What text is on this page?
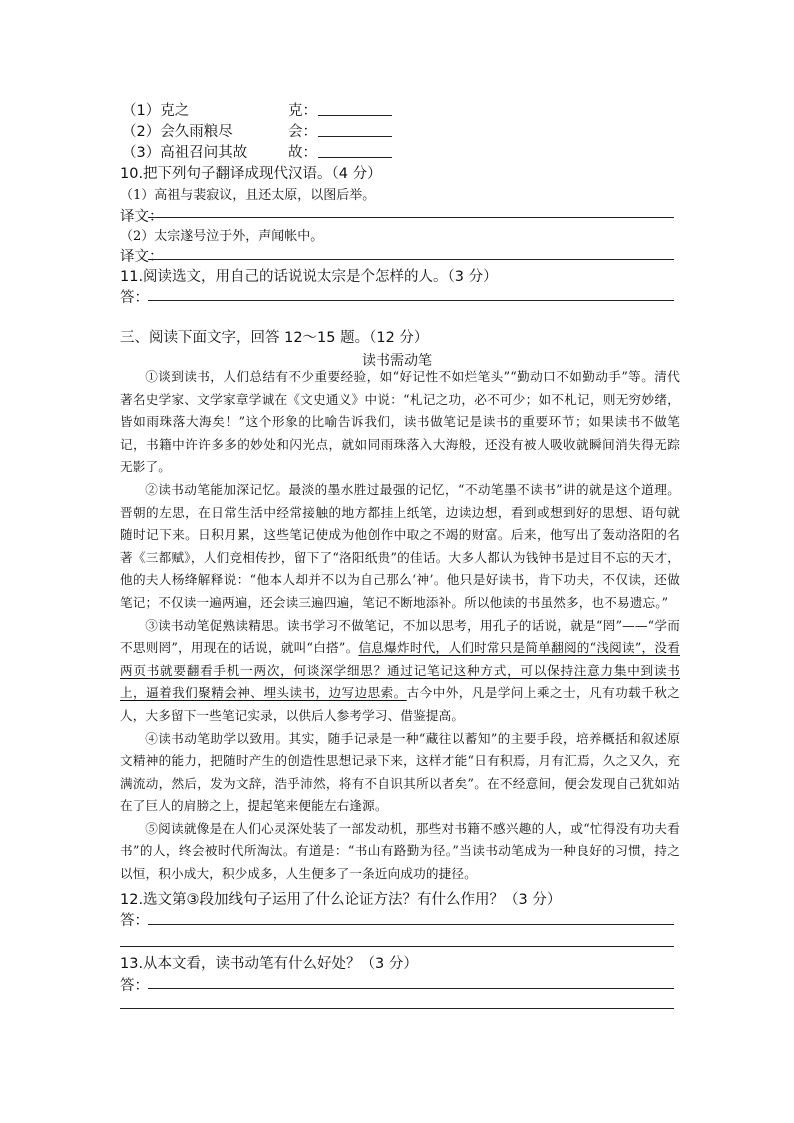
（1）克之	克：
（2）会久雨粮尽	会：
（3）高祖召问其故	故：
10.把下列句子翻译成现代汉语。（4 分）
（1）高祖与裴寂议，且还太原，以图后举。
译文：
（2）太宗遂号泣于外，声闻帐中。
译文：
11.阅读选文，用自己的话说说太宗是个怎样的人。（3 分）
答：
三、阅读下面文字，回答 12～15 题。（12 分）
读书需动笔

①谈到读书，人们总结有不少重要经验，如“好记性不如烂笔头”“勤动口不如勤动手”等。清代著名史学家、文学家章学诚在《文史通义》中说：“札记之功，必不可少；如不札记，则无穷妙绪，皆如雨珠落大海矣！”这个形象的比喻告诉我们，读书做笔记是读书的重要环节；如果读书不做笔记，书籍中许许多多的妙处和闪光点，就如同雨珠落入大海般，还没有被人吸收就瞬间消失得无踪无影了。

②读书动笔能加深记忆。最淡的墨水胜过最强的记忆，“不动笔墨不读书”讲的就是这个道理。晋朝的左思，在日常生活中经常接触的地方都挂上纸笔，边读边想，看到或想到好的思想、语句就随时记下来。日积月累，这些笔记使成为他创作中取之不竭的财富。后来，他写出了轰动洛阳的名著《三都赋》，人们竞相传抄，留下了“洛阳纸贵”的佳话。大多人都认为钱钟书是过目不忘的天才，他的夫人杨绛解释说：“他本人却并不以为自己那么‘神’。他只是好读书，肯下功夫，不仅读，还做笔记；不仅读一遍两遍，还会读三遍四遍，笔记不断地添补。所以他读的书虽然多，也不易遗忘。”

③读书动笔促熟读精思。读书学习不做笔记，不加以思考，用孔子的话说，就是“罔”——“学而不思则罔”，用现在的话说，就叫“白搭”。信息爆炸时代，人们时常只是简单翻阅的“浅阅读”，没看两页书就要翻看手机一两次，何谈深学细思？通过记笔记这种方式，可以保持注意力集中到读书上，逼着我们聚精会神、埋头读书，边写边思索。古今中外，凡是学问上乘之士，凡有功载千秋之人，大多留下一些笔记实录，以供后人参考学习、借鉴提高。

④读书动笔助学以致用。其实，随手记录是一种“藏往以蓄知”的主要手段，培养概括和叙述原文精神的能力，把随时产生的创造性思想记录下来，这样才能“日有积焉，月有汇焉，久之又久，充满流动，然后，发为文辞，浩乎沛然，将有不自识其所以者矣”。在不经意间，便会发现自己犹如站在了巨人的肩膀之上，提起笔来便能左右逢源。

⑤阅读就像是在人们心灵深处装了一部发动机，那些对书籍不感兴趣的人，或“忙得没有功夫看书”的人，终会被时代所淘汰。有道是：“书山有路勤为径。”当读书动笔成为一种良好的习惯，持之以恒，积小成大，积少成多，人生便多了一条近向成功的捷径。

12.选文第③段加线句子运用了什么论证方法？有什么作用？（3 分）
答：
13.从本文看，读书动笔有什么好处？（3 分）
答：
